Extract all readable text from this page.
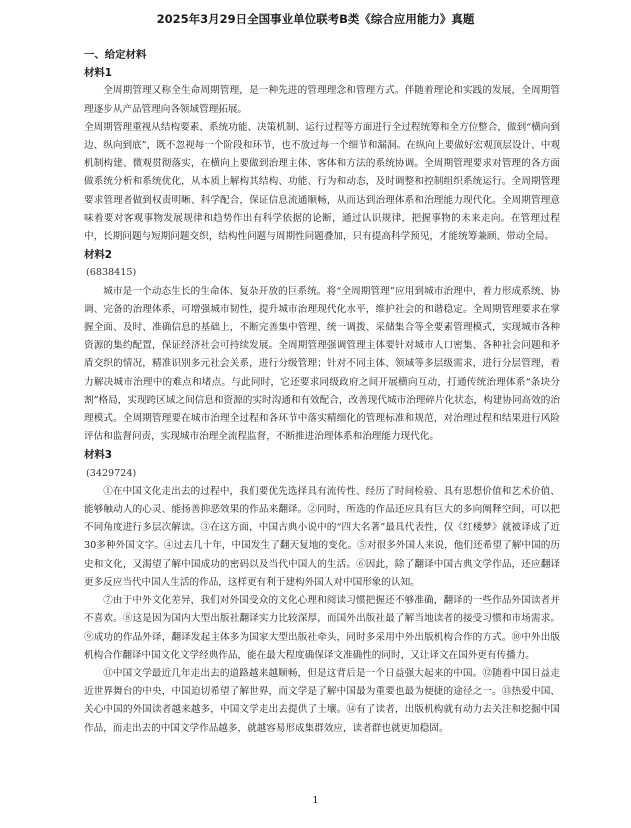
2025年3月29日全国事业单位联考B类《综合应用能力》真题
一、给定材料
材料1

全周期管理又称全生命周期管理，是一种先进的管理理念和管理方式。伴随着理论和实践的发展，全周期管理逐步从产品管理向各领域管理拓展。

全周期管理重视从结构要素、系统功能、决策机制、运行过程等方面进行全过程统筹和全方位整合，做到“横向到边、纵向到底”，既不忽视每一个阶段和环节，也不放过每一个细节和漏洞。在纵向上要做好宏观顶层设计、中观机制构建、微观贯彻落实，在横向上要做到治理主体、客体和方法的系统协调。全周期管理要求对管理的各方面做系统分析和系统优化，从本质上解构其结构、功能、行为和动态，及时调整和控制组织系统运行。全周期管理要求管理者做到权责明晰、科学配合，保证信息流通顺畅，从而达到治理体系和治理能力现代化。全周期管理意味着要对客观事物发展规律和趋势作出有科学依据的论断，通过认识规律，把握事物的未来走向。在管理过程中，长期问题与短期问题交织，结构性问题与周期性问题叠加，只有提高科学预见，才能统筹兼顾、带动全局。

材料2
(6838415)

城市是一个动态生长的生命体、复杂开放的巨系统。将“全周期管理”应用到城市治理中，着力形成系统、协调、完备的治理体系，可增强城市韧性，提升城市治理现代化水平，维护社会的和谐稳定。全周期管理要求在掌握全面、及时、准确信息的基础上，不断完善集中管理、统一调拨、采储集合等全要素管理模式，实现城市各种资源的集约配置，保证经济社会可持续发展。全周期管理强调管理主体要针对城市人口密集、各种社会问题和矛盾交织的情况，精准识别多元社会关系，进行分级管理；针对不同主体、领域等多层级需求，进行分层管理，着力解决城市治理中的难点和堵点。与此同时，它还要求同级政府之间开展横向互动，打通传统治理体系“条块分割”格局，实现跨区域之间信息和资源的实时沟通和有效配合，改善现代城市治理碎片化状态，构建协同高效的治理模式。全周期管理要在城市治理全过程和各环节中落实精细化的管理标准和规范，对治理过程和结果进行风险评估和监督问责，实现城市治理全流程监督，不断推进治理体系和治理能力现代化。

材料3
(3429724)

①在中国文化走出去的过程中，我们要优先选择具有流传性、经历了时间检验、具有思想价值和艺术价值、能够触动人的心灵、能扬善抑恶效果的作品来翻译。②同时，所选的作品还应具有巨大的多向阐释空间，可以把不同角度进行多层次解读。③在这方面，中国古典小说中的“四大名著”最具代表性，仅《红楼梦》就被译成了近30多种外国文字。④过去几十年，中国发生了翻天复地的变化。⑤对很多外国人来说，他们还希望了解中国的历史和文化，又渴望了解中国成功的密码以及当代中国人的生活。⑥因此，除了翻译中国古典文学作品，还应翻译更多反应当代中国人生活的作品，这样更有利于建构外国人对中国形象的认知。

⑦由于中外文化差异，我们对外国受众的文化心理和阅读习惯把握还不够准确，翻译的一些作品外国读者并不喜欢。⑧这是因为国内大型出版社翻译实力比较深厚，而国外出版社最了解当地读者的接受习惯和市场需求。⑨成功的作品外译，翻译发起主体多为国家大型出版社牵头，同时多采用中外出版机构合作的方式。⑩中外出版机构合作翻译中国文化文学经典作品，能在最大程度确保译文准确性的同时，又让译文在国外更有传播力。

⑪中国文学最近几年走出去的道路越来越顺畅，但是这背后是一个日益强大起来的中国。⑫随着中国日益走近世界舞台的中央，中国迫切希望了解世界，而文学是了解中国最为重要也最为便捷的途径之一。⑬热爱中国、关心中国的外国读者越来越多，中国文学走出去提供了土壤。⑭有了读者，出版机构就有动力去关注和挖掘中国作品，而走出去的中国文学作品越多，就越容易形成集群效应，读者群也就更加稳固。

1
